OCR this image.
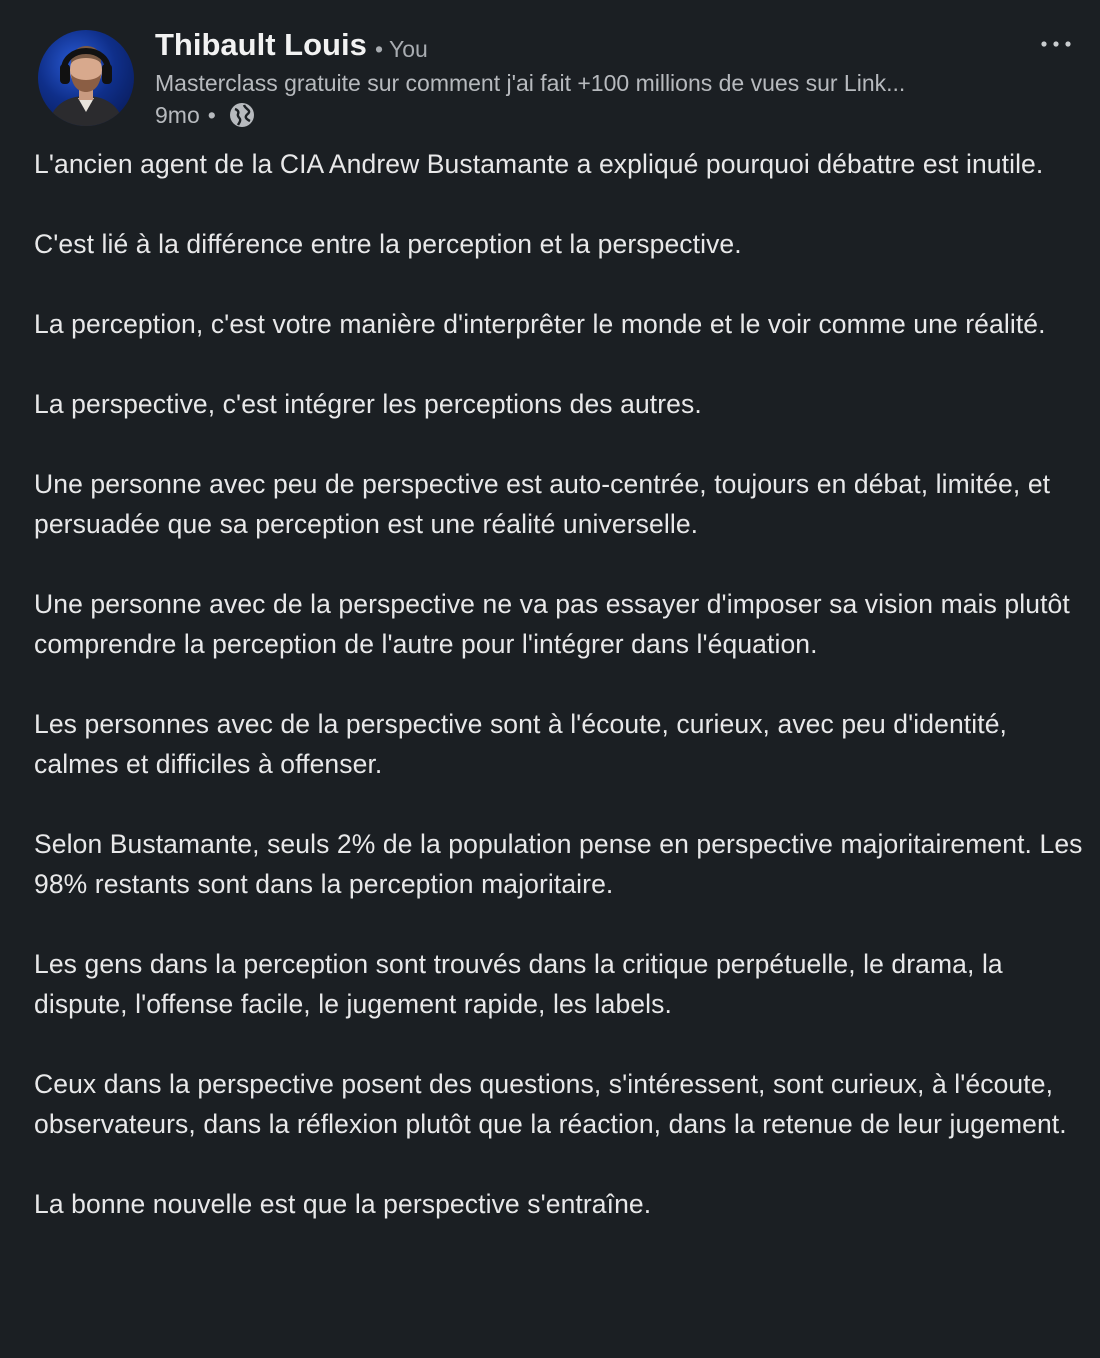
Thibault Louis • You
Masterclass gratuite sur comment j'ai fait +100 millions de vues sur Link...
9mo •

L'ancien agent de la CIA Andrew Bustamante a expliqué pourquoi débattre est inutile.

C'est lié à la différence entre la perception et la perspective.

La perception, c'est votre manière d'interprêter le monde et le voir comme une réalité.

La perspective, c'est intégrer les perceptions des autres.

Une personne avec peu de perspective est auto-centrée, toujours en débat, limitée, et persuadée que sa perception est une réalité universelle.

Une personne avec de la perspective ne va pas essayer d'imposer sa vision mais plutôt comprendre la perception de l'autre pour l'intégrer dans l'équation.

Les personnes avec de la perspective sont à l'écoute, curieux, avec peu d'identité, calmes et difficiles à offenser.

Selon Bustamante, seuls 2% de la population pense en perspective majoritairement. Les 98% restants sont dans la perception majoritaire.

Les gens dans la perception sont trouvés dans la critique perpétuelle, le drama, la dispute, l'offense facile, le jugement rapide, les labels.

Ceux dans la perspective posent des questions, s'intéressent, sont curieux, à l'écoute, observateurs, dans la réflexion plutôt que la réaction, dans la retenue de leur jugement.

La bonne nouvelle est que la perspective s'entraîne.
